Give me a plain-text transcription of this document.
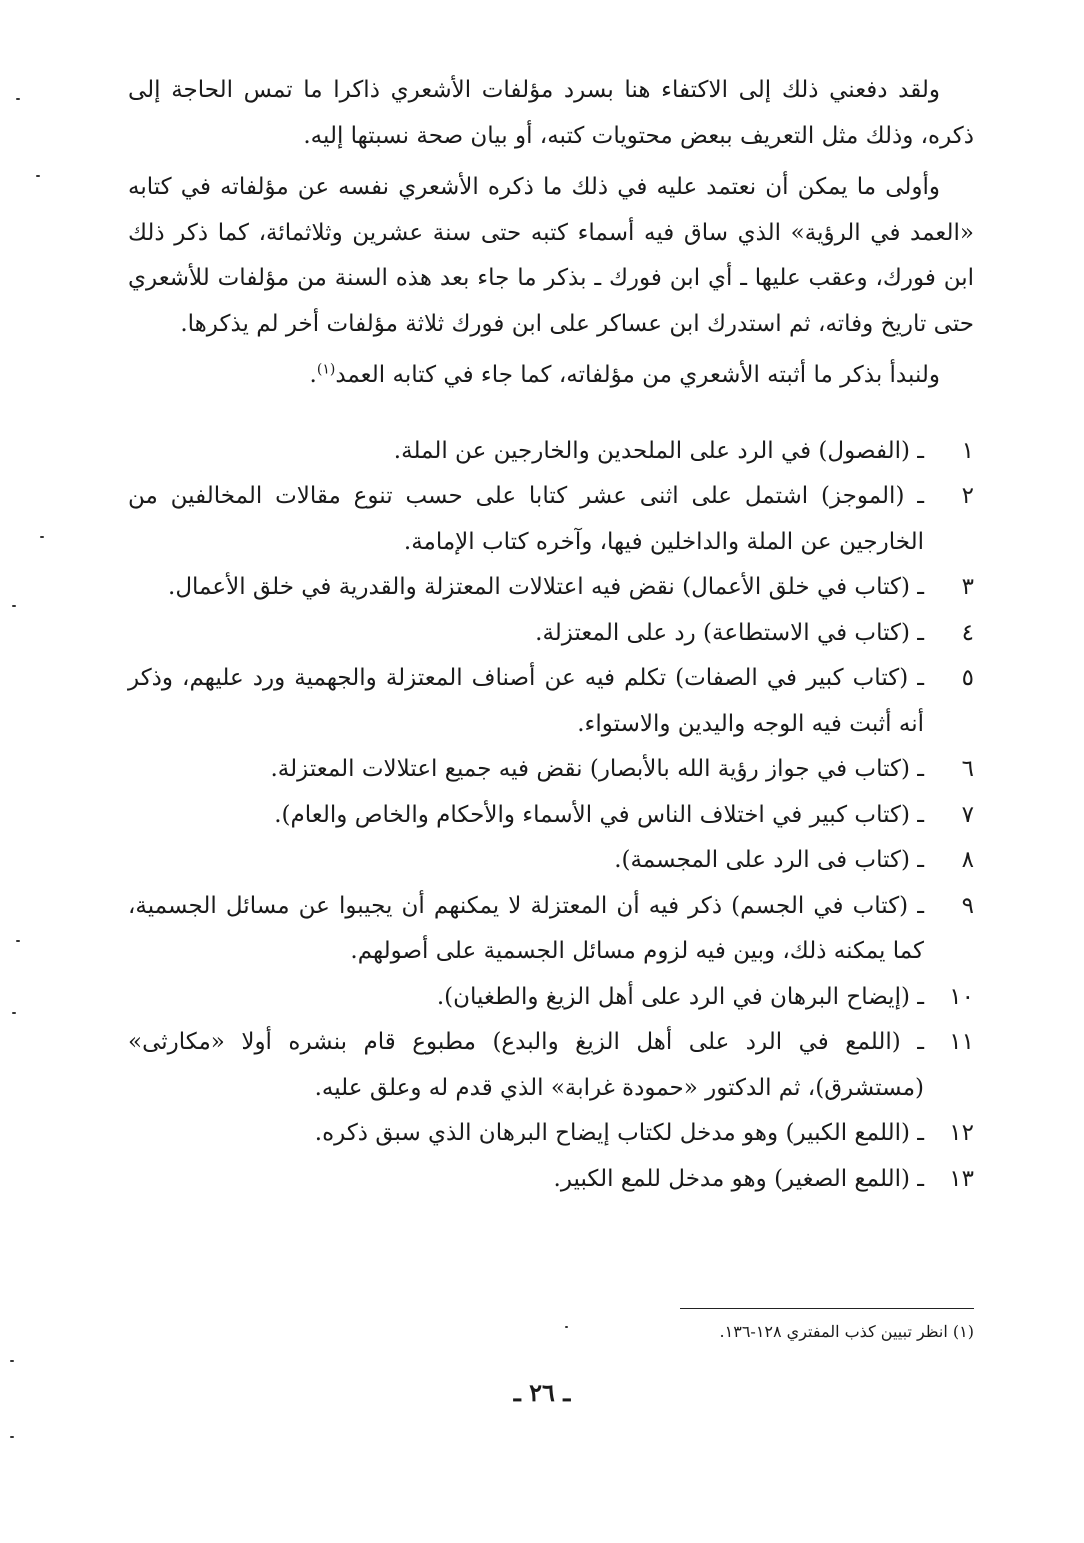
ولقد دفعني ذلك إلى الاكتفاء هنا بسرد مؤلفات الأشعري ذاكرا ما تمس الحاجة إلى ذكره، وذلك مثل التعريف ببعض محتويات كتبه، أو بيان صحة نسبتها إليه.

وأولى ما يمكن أن نعتمد عليه في ذلك ما ذكره الأشعري نفسه عن مؤلفاته في كتابه «العمد في الرؤية» الذي ساق فيه أسماء كتبه حتى سنة عشرين وثلاثمائة، كما ذكر ذلك ابن فورك، وعقب عليها ـ أي ابن فورك ـ بذكر ما جاء بعد هذه السنة من مؤلفات للأشعري حتى تاريخ وفاته، ثم استدرك ابن عساكر على ابن فورك ثلاثة مؤلفات أخر لم يذكرها.

ولنبدأ بذكر ما أثبته الأشعري من مؤلفاته، كما جاء في كتابه العمد$^{(١)}$.

١
ـ (الفصول) في الرد على الملحدين والخارجين عن الملة.
٢
ـ (الموجز) اشتمل على اثنى عشر كتابا على حسب تنوع مقالات المخالفين من الخارجين عن الملة والداخلين فيها، وآخره كتاب الإمامة.
٣
ـ (كتاب في خلق الأعمال) نقض فيه اعتلالات المعتزلة والقدرية في خلق الأعمال.
٤
ـ (كتاب في الاستطاعة) رد على المعتزلة.
٥
ـ (كتاب كبير في الصفات) تكلم فيه عن أصناف المعتزلة والجهمية ورد عليهم، وذكر أنه أثبت فيه الوجه واليدين والاستواء.
٦
ـ (كتاب في جواز رؤية الله بالأبصار) نقض فيه جميع اعتلالات المعتزلة.
٧
ـ (كتاب كبير في اختلاف الناس في الأسماء والأحكام والخاص والعام).
٨
ـ (كتاب فى الرد على المجسمة).
٩
ـ (كتاب في الجسم) ذكر فيه أن المعتزلة لا يمكنهم أن يجيبوا عن مسائل الجسمية، كما يمكنه ذلك، وبين فيه لزوم مسائل الجسمية على أصولهم.
١٠
ـ (إيضاح البرهان في الرد على أهل الزيغ والطغيان).
١١
ـ (اللمع في الرد على أهل الزيغ والبدع) مطبوع قام بنشره أولا «مكارثى» (مستشرق)، ثم الدكتور «حمودة غرابة» الذي قدم له وعلق عليه.
١٢
ـ (اللمع الكبير) وهو مدخل لكتاب إيضاح البرهان الذي سبق ذكره.
١٣
ـ (اللمع الصغير) وهو مدخل للمع الكبير.
(١) انظر تبيين كذب المفتري ١٢٨-١٣٦.
ـ ٢٦ ـ
